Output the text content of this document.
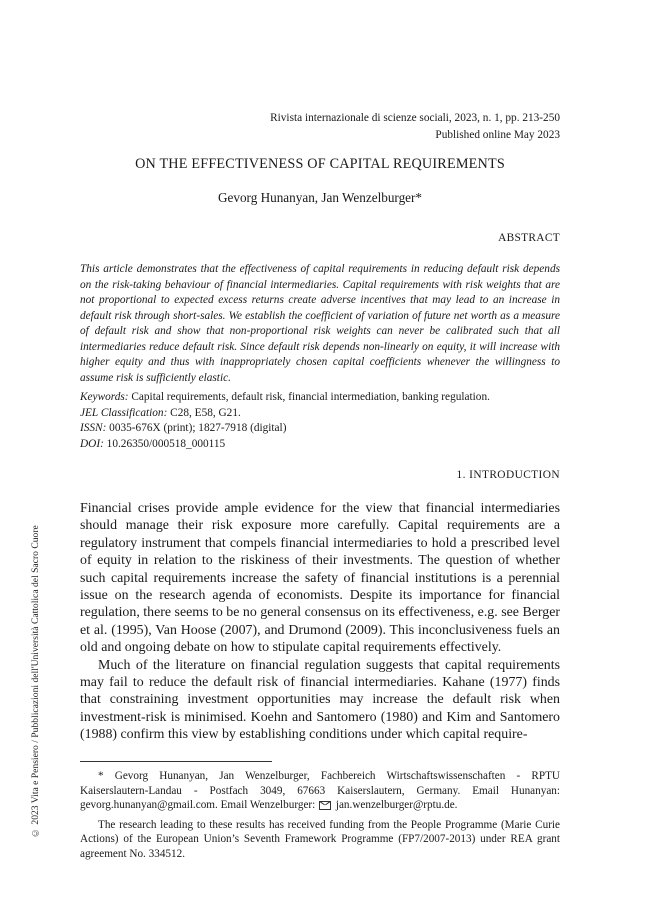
© 2023 Vita e Pensiero / Pubblicazioni dell'Università Cattolica del Sacro Cuore
Rivista internazionale di scienze sociali, 2023, n. 1, pp. 213-250
Published online May 2023
ON THE EFFECTIVENESS OF CAPITAL REQUIREMENTS
Gevorg Hunanyan, Jan Wenzelburger*
ABSTRACT
This article demonstrates that the effectiveness of capital requirements in reducing default risk depends on the risk-taking behaviour of financial intermediaries. Capital requirements with risk weights that are not proportional to expected excess returns create adverse incentives that may lead to an increase in default risk through short-sales. We establish the coefficient of variation of future net worth as a measure of default risk and show that non-proportional risk weights can never be calibrated such that all intermediaries reduce default risk. Since default risk depends non-linearly on equity, it will increase with higher equity and thus with inappropriately chosen capital coefficients whenever the willingness to assume risk is sufficiently elastic.
Keywords: Capital requirements, default risk, financial intermediation, banking regulation.
JEL Classification: C28, E58, G21.
ISSN: 0035-676X (print); 1827-7918 (digital)
DOI: 10.26350/000518_000115
1. INTRODUCTION

Financial crises provide ample evidence for the view that financial intermediaries should manage their risk exposure more carefully. Capital requirements are a regulatory instrument that compels financial intermediaries to hold a prescribed level of equity in relation to the riskiness of their investments. The question of whether such capital requirements increase the safety of financial institutions is a perennial issue on the research agenda of economists. Despite its importance for financial regulation, there seems to be no general consensus on its effectiveness, e.g. see Berger et al. (1995), Van Hoose (2007), and Drumond (2009). This inconclusiveness fuels an old and ongoing debate on how to stipulate capital requirements effectively.

Much of the literature on financial regulation suggests that capital requirements may fail to reduce the default risk of financial intermediaries. Kahane (1977) finds that constraining investment opportunities may increase the default risk when investment-risk is minimised. Koehn and Santomero (1980) and Kim and Santomero (1988) confirm this view by establishing conditions under which capital require-

* Gevorg Hunanyan, Jan Wenzelburger, Fachbereich Wirtschaftswissenschaften - RPTU Kaiserslautern-Landau - Postfach 3049, 67663 Kaiserslautern, Germany. Email Hunanyan: gevorg.hunanyan@gmail.com. Email Wenzelburger: jan.wenzelburger@rptu.de.

The research leading to these results has received funding from the People Programme (Marie Curie Actions) of the European Union’s Seventh Framework Programme (FP7/2007-2013) under REA grant agreement No. 334512.
